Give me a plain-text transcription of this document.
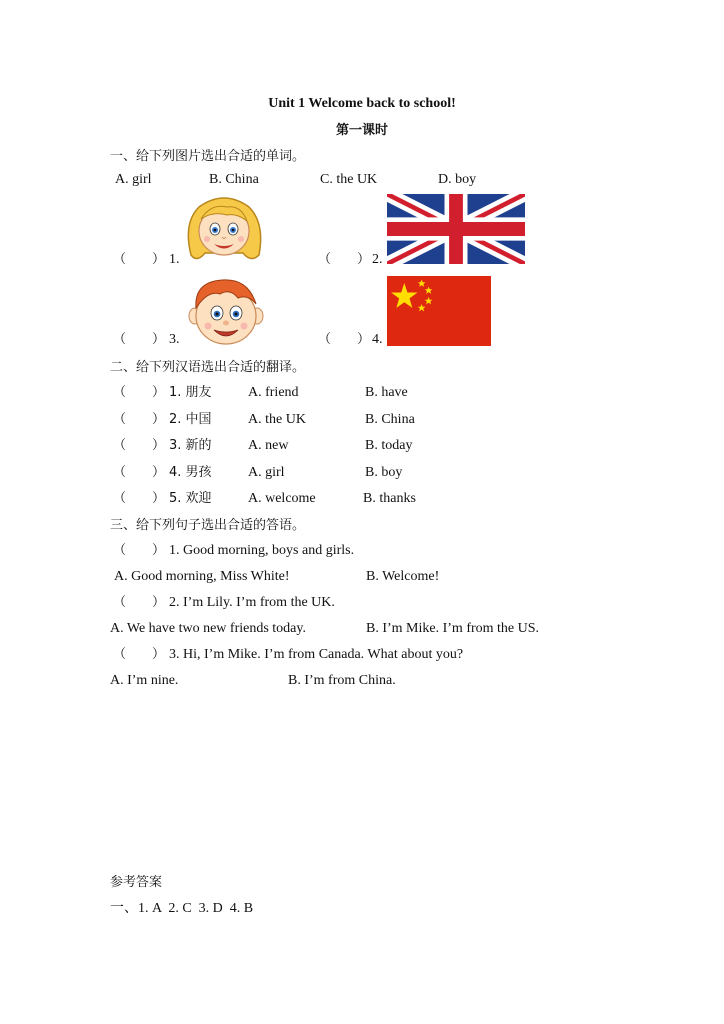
Unit 1 Welcome back to school!
第一课时
一、给下列图片选出合适的单词。
A. girl	B. China	C. the UK	D. boy
（　　） 1.	（　　） 2.
（　　） 3.	（　　） 4.
二、给下列汉语选出合适的翻译。
（　　） 1. 朋友	A. friend	B. have
（　　） 2. 中国	A. the UK	B. China
（　　） 3. 新的	A. new	B. today
（　　） 4. 男孩	A. girl	B. boy
（　　） 5. 欢迎	A. welcome	B. thanks
三、给下列句子选出合适的答语。
（　　） 1. Good morning, boys and girls.
A. Good morning, Miss White!	B. Welcome!
（　　） 2. I’m Lily. I’m from the UK.
A. We have two new friends today.	B. I’m Mike. I’m from the US.
（　　） 3. Hi, I’m Mike. I’m from Canada. What about you?
A. I’m nine.	B. I’m from China.
参考答案
一、1. A  2. C  3. D  4. B
